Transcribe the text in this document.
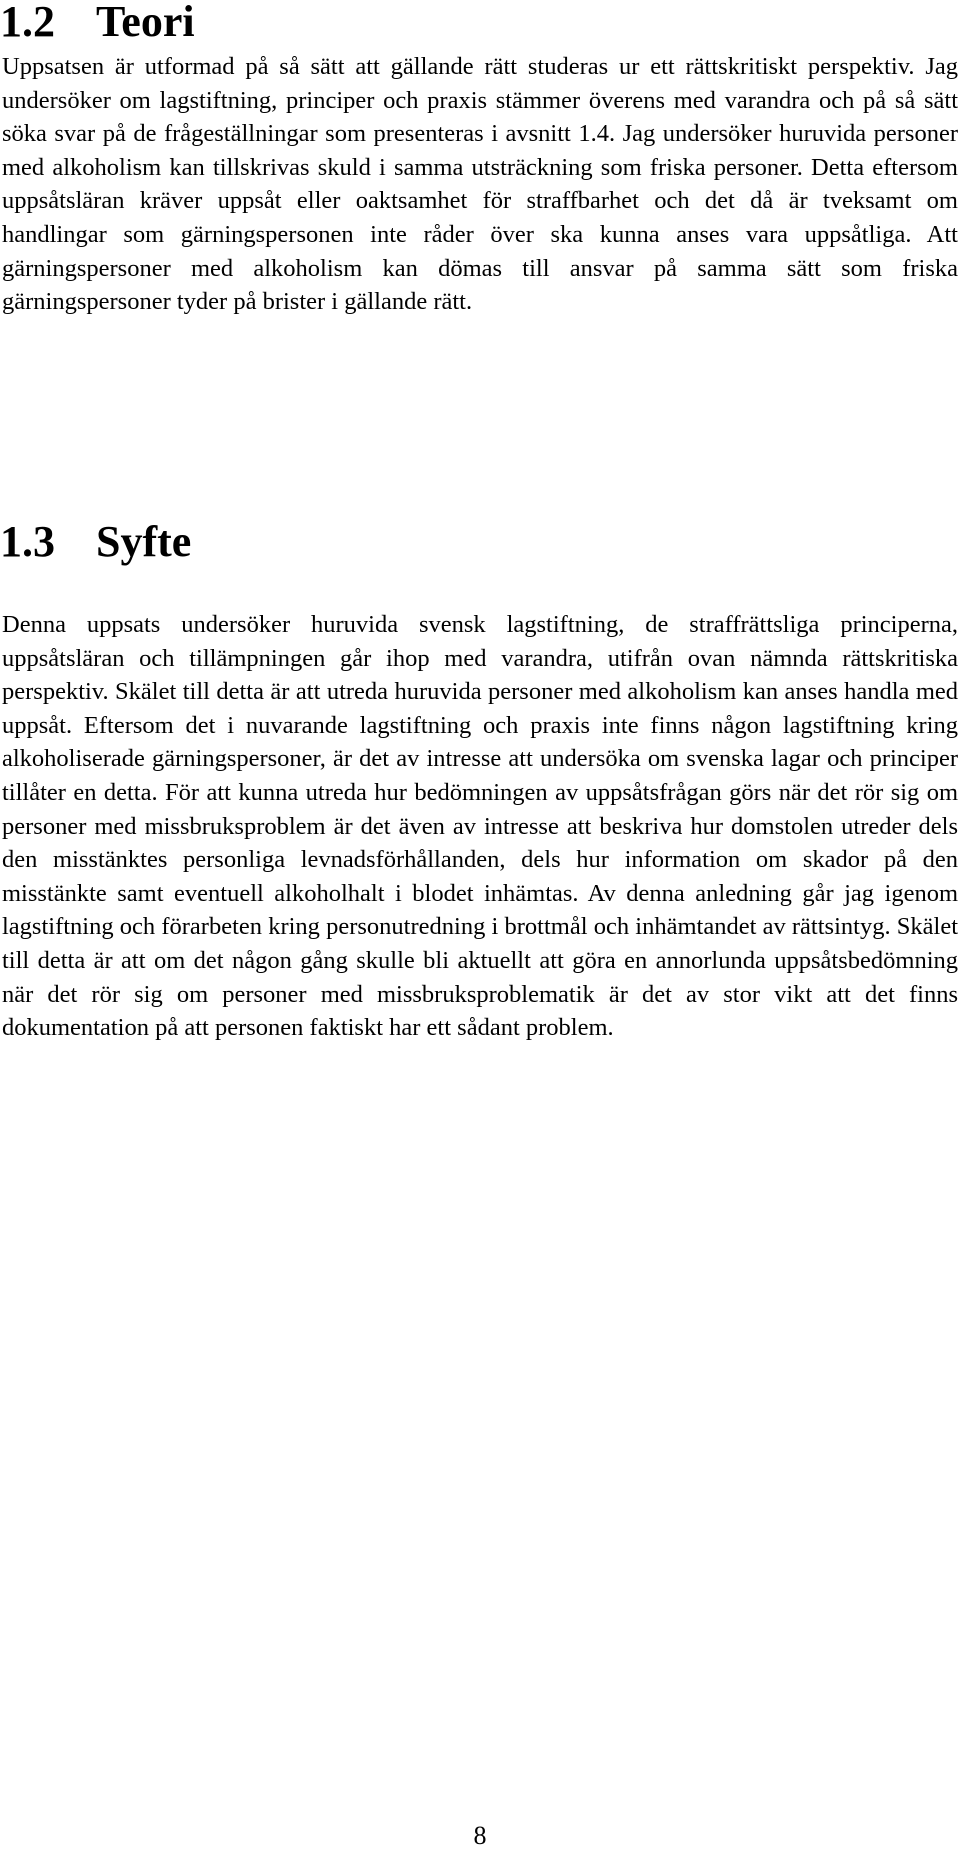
1.2 Teori

Uppsatsen är utformad på så sätt att gällande rätt studeras ur ett rättskritiskt perspektiv. Jag undersöker om lagstiftning, principer och praxis stämmer överens med varandra och på så sätt söka svar på de frågeställningar som presenteras i avsnitt 1.4. Jag undersöker huruvida personer med alkoholism kan tillskrivas skuld i samma utsträckning som friska personer. Detta eftersom uppsåtsläran kräver uppsåt eller oaktsamhet för straffbarhet och det då är tveksamt om handlingar som gärningspersonen inte råder över ska kunna anses vara uppsåtliga. Att gärningspersoner med alkoholism kan dömas till ansvar på samma sätt som friska gärningspersoner tyder på brister i gällande rätt.

1.3 Syfte

Denna uppsats undersöker huruvida svensk lagstiftning, de straffrättsliga principerna, uppsåtsläran och tillämpningen går ihop med varandra, utifrån ovan nämnda rättskritiska perspektiv. Skälet till detta är att utreda huruvida personer med alkoholism kan anses handla med uppsåt. Eftersom det i nuvarande lagstiftning och praxis inte finns någon lagstiftning kring alkoholiserade gärningspersoner, är det av intresse att undersöka om svenska lagar och principer tillåter en detta. För att kunna utreda hur bedömningen av uppsåtsfrågan görs när det rör sig om personer med missbruksproblem är det även av intresse att beskriva hur domstolen utreder dels den misstänktes personliga levnadsförhållanden, dels hur information om skador på den misstänkte samt eventuell alkoholhalt i blodet inhämtas. Av denna anledning går jag igenom lagstiftning och förarbeten kring personutredning i brottmål och inhämtandet av rättsintyg. Skälet till detta är att om det någon gång skulle bli aktuellt att göra en annorlunda uppsåtsbedömning när det rör sig om personer med missbruksproblematik är det av stor vikt att det finns dokumentation på att personen faktiskt har ett sådant problem.

8
